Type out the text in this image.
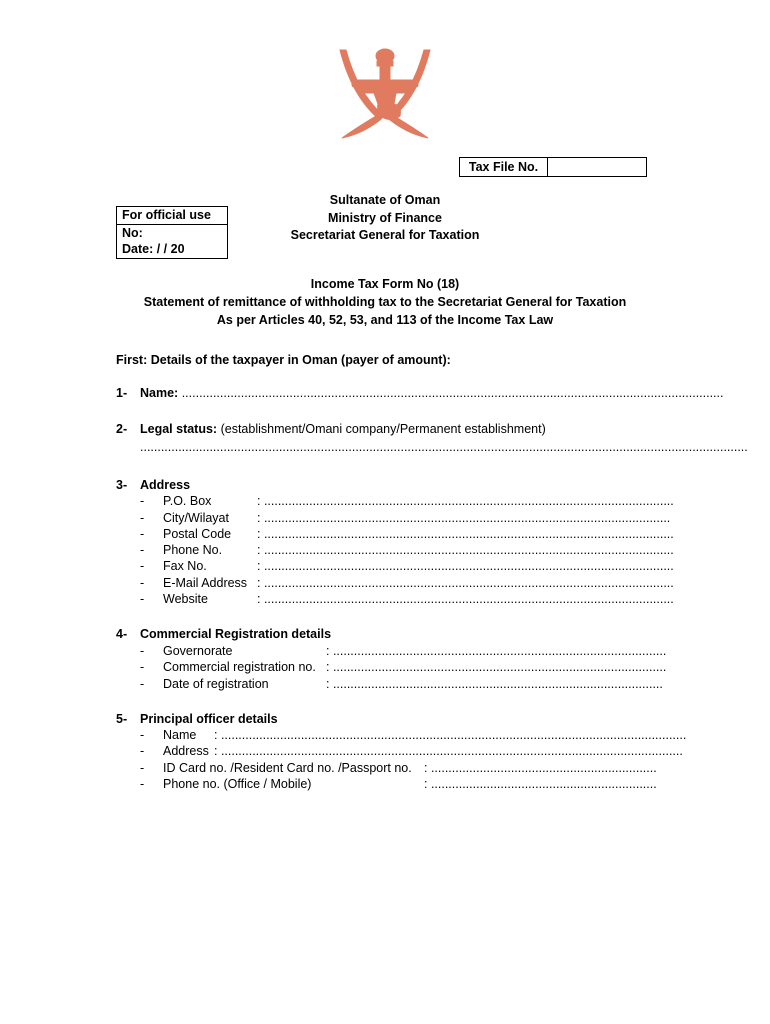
Tax File No.
For official use
No:
Date: / / 20
Sultanate of Oman
Ministry of Finance
Secretariat General for Taxation
Income Tax Form No (18)
Statement of remittance of withholding tax to the Secretariat General for Taxation
As per Articles 40, 52, 53, and 113 of the Income Tax Law
First: Details of the taxpayer in Oman (payer of amount):
1- Name: ............................................................................................................................................................
2- Legal status: (establishment/Omani company/Permanent establishment)
...............................................................................................................................................................................
3- Address
- P.O. Box	: ......................................................................................................................
- City/Wilayat : .....................................................................................................................
- Postal Code : ......................................................................................................................
- Phone No.	: ......................................................................................................................
- Fax No.	: ......................................................................................................................
- E-Mail Address : ......................................................................................................................
- Website	: ......................................................................................................................
4- Commercial Registration details
- Governorate	: ................................................................................................
- Commercial registration no. : ................................................................................................
- Date of registration	: ...............................................................................................
5- Principal officer details
- Name : ......................................................................................................................................
- Address : .....................................................................................................................................
- ID Card no. /Resident Card no. /Passport no. : .................................................................
- Phone no. (Office / Mobile)	: .................................................................
